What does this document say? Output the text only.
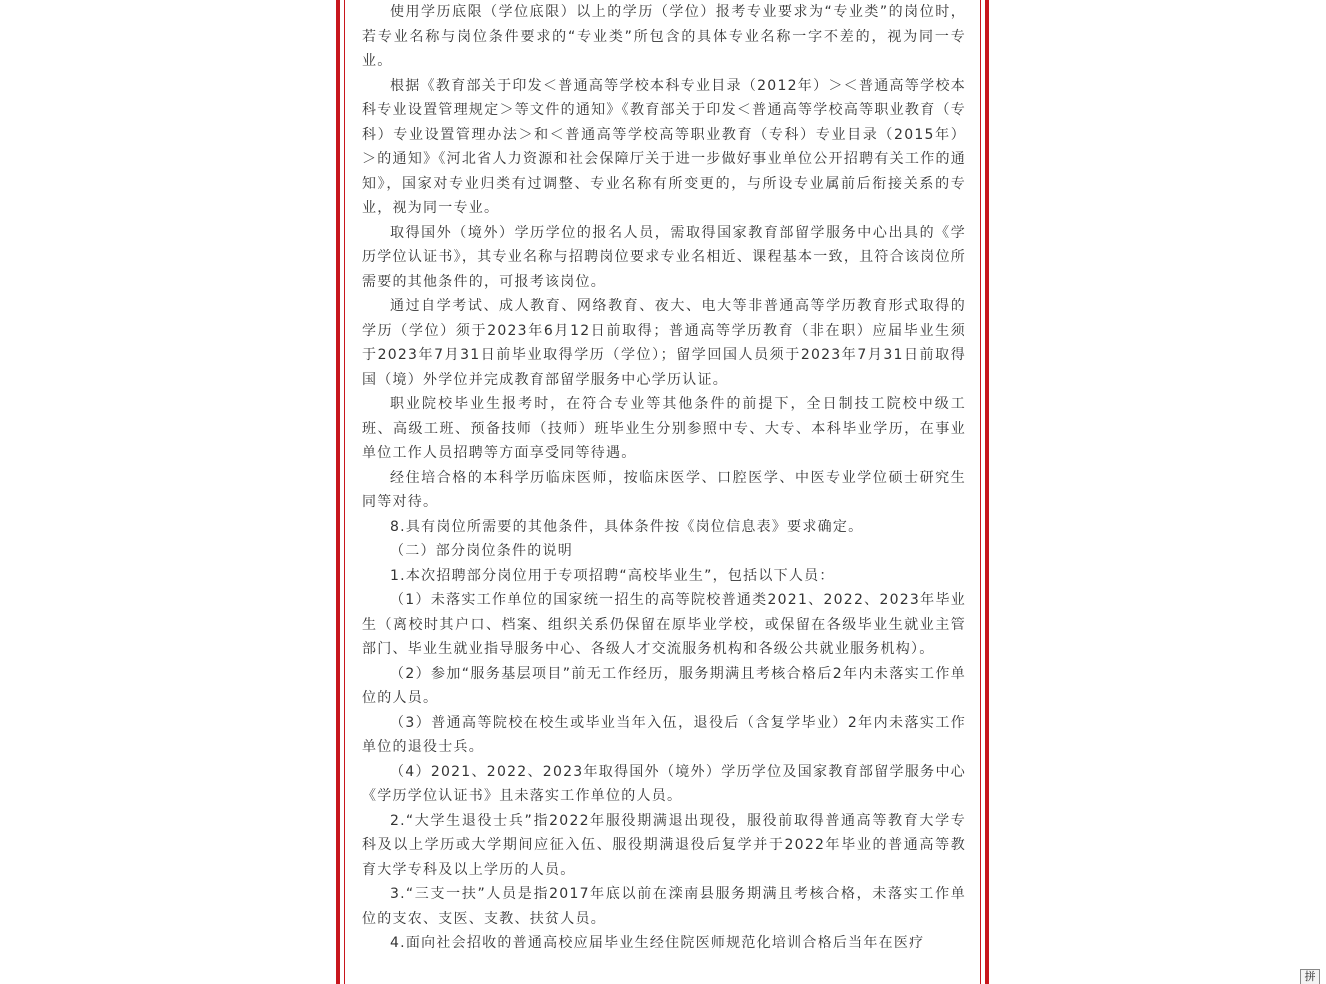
使用学历底限（学位底限）以上的学历（学位）报考专业要求为“专业类”的岗位时，若专业名称与岗位条件要求的“专业类”所包含的具体专业名称一字不差的，视为同一专业。

根据《教育部关于印发＜普通高等学校本科专业目录（2012年）＞＜普通高等学校本科专业设置管理规定＞等文件的通知》《教育部关于印发＜普通高等学校高等职业教育（专科）专业设置管理办法＞和＜普通高等学校高等职业教育（专科）专业目录（2015年）＞的通知》《河北省人力资源和社会保障厅关于进一步做好事业单位公开招聘有关工作的通知》，国家对专业归类有过调整、专业名称有所变更的，与所设专业属前后衔接关系的专业，视为同一专业。

取得国外（境外）学历学位的报名人员，需取得国家教育部留学服务中心出具的《学历学位认证书》，其专业名称与招聘岗位要求专业名相近、课程基本一致，且符合该岗位所需要的其他条件的，可报考该岗位。

通过自学考试、成人教育、网络教育、夜大、电大等非普通高等学历教育形式取得的学历（学位）须于2023年6月12日前取得；普通高等学历教育（非在职）应届毕业生须于2023年7月31日前毕业取得学历（学位）；留学回国人员须于2023年7月31日前取得国（境）外学位并完成教育部留学服务中心学历认证。

职业院校毕业生报考时，在符合专业等其他条件的前提下，全日制技工院校中级工班、高级工班、预备技师（技师）班毕业生分别参照中专、大专、本科毕业学历，在事业单位工作人员招聘等方面享受同等待遇。

经住培合格的本科学历临床医师，按临床医学、口腔医学、中医专业学位硕士研究生同等对待。

8.具有岗位所需要的其他条件，具体条件按《岗位信息表》要求确定。

（二）部分岗位条件的说明

1.本次招聘部分岗位用于专项招聘“高校毕业生”，包括以下人员：

（1）未落实工作单位的国家统一招生的高等院校普通类2021、2022、2023年毕业生（离校时其户口、档案、组织关系仍保留在原毕业学校，或保留在各级毕业生就业主管部门、毕业生就业指导服务中心、各级人才交流服务机构和各级公共就业服务机构）。

（2）参加“服务基层项目”前无工作经历，服务期满且考核合格后2年内未落实工作单位的人员。

（3）普通高等院校在校生或毕业当年入伍，退役后（含复学毕业）2年内未落实工作单位的退役士兵。

（4）2021、2022、2023年取得国外（境外）学历学位及国家教育部留学服务中心《学历学位认证书》且未落实工作单位的人员。

2.“大学生退役士兵”指2022年服役期满退出现役，服役前取得普通高等教育大学专科及以上学历或大学期间应征入伍、服役期满退役后复学并于2022年毕业的普通高等教育大学专科及以上学历的人员。

3.“三支一扶”人员是指2017年底以前在滦南县服务期满且考核合格，未落实工作单位的支农、支医、支教、扶贫人员。

4.面向社会招收的普通高校应届毕业生经住院医师规范化培训合格后当年在医疗

拼
